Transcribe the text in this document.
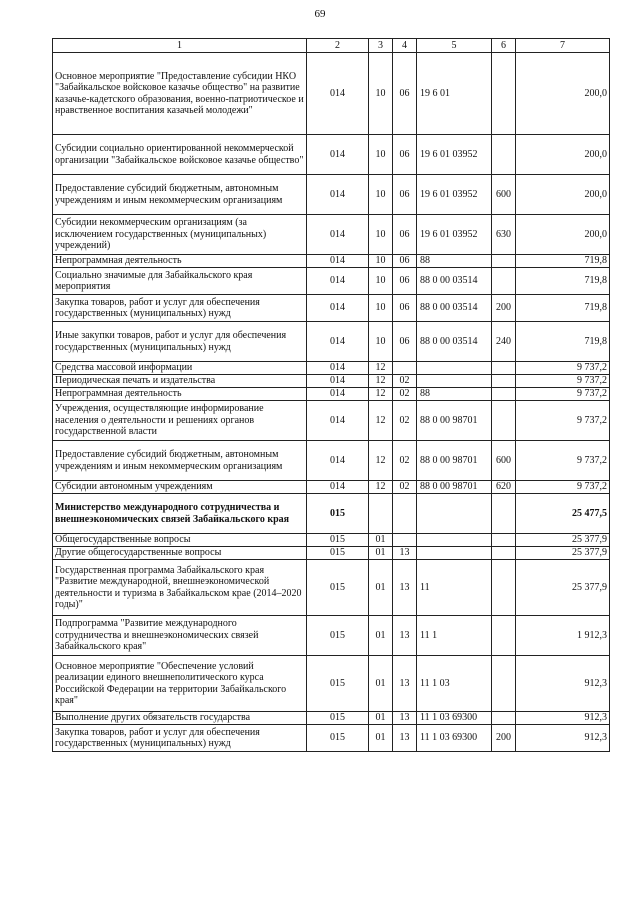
69
1	2	3	4	5	6	7
Основное мероприятие "Предоставление субсидии НКО "Забайкальское войсковое казачье общество" на развитие казачье-кадетского образования, военно-патриотическое и нравственное воспитания казачьей молодежи"	014	10	06	19 6 01		200,0
Субсидии социально ориентированной некоммерческой организации "Забайкальское войсковое казачье общество"	014	10	06	19 6 01 03952		200,0
Предоставление субсидий бюджетным, автономным учреждениям и иным некоммерческим организациям	014	10	06	19 6 01 03952	600	200,0
Субсидии некоммерческим организациям (за исключением государственных (муниципальных) учреждений)	014	10	06	19 6 01 03952	630	200,0
Непрограммная деятельность	014	10	06	88		719,8
Социально значимые для Забайкальского края мероприятия	014	10	06	88 0 00 03514		719,8
Закупка товаров, работ и услуг для обеспечения государственных (муниципальных) нужд	014	10	06	88 0 00 03514	200	719,8
Иные закупки товаров, работ и услуг для обеспечения государственных (муниципальных) нужд	014	10	06	88 0 00 03514	240	719,8
Средства массовой информации	014	12				9 737,2
Периодическая печать и издательства	014	12	02			9 737,2
Непрограммная деятельность	014	12	02	88		9 737,2
Учреждения, осуществляющие информирование населения о деятельности и решениях органов государственной власти	014	12	02	88 0 00 98701		9 737,2
Предоставление субсидий бюджетным, автономным учреждениям и иным некоммерческим организациям	014	12	02	88 0 00 98701	600	9 737,2
Субсидии автономным учреждениям	014	12	02	88 0 00 98701	620	9 737,2
Министерство международного сотрудничества и внешнеэкономических связей Забайкальского края	015					25 477,5
Общегосударственные вопросы	015	01				25 377,9
Другие общегосударственные вопросы	015	01	13			25 377,9
Государственная программа Забайкальского края "Развитие международной, внешнеэкономической деятельности и туризма в Забайкальском крае (2014–2020 годы)"	015	01	13	11		25 377,9
Подпрограмма "Развитие международного сотрудничества и внешнеэкономических связей Забайкальского края"	015	01	13	11 1		1 912,3
Основное мероприятие "Обеспечение условий реализации единого внешнеполитического курса Российской Федерации на территории Забайкальского края"	015	01	13	11 1 03		912,3
Выполнение других обязательств государства	015	01	13	11 1 03 69300		912,3
Закупка товаров, работ и услуг для обеспечения государственных (муниципальных) нужд	015	01	13	11 1 03 69300	200	912,3
